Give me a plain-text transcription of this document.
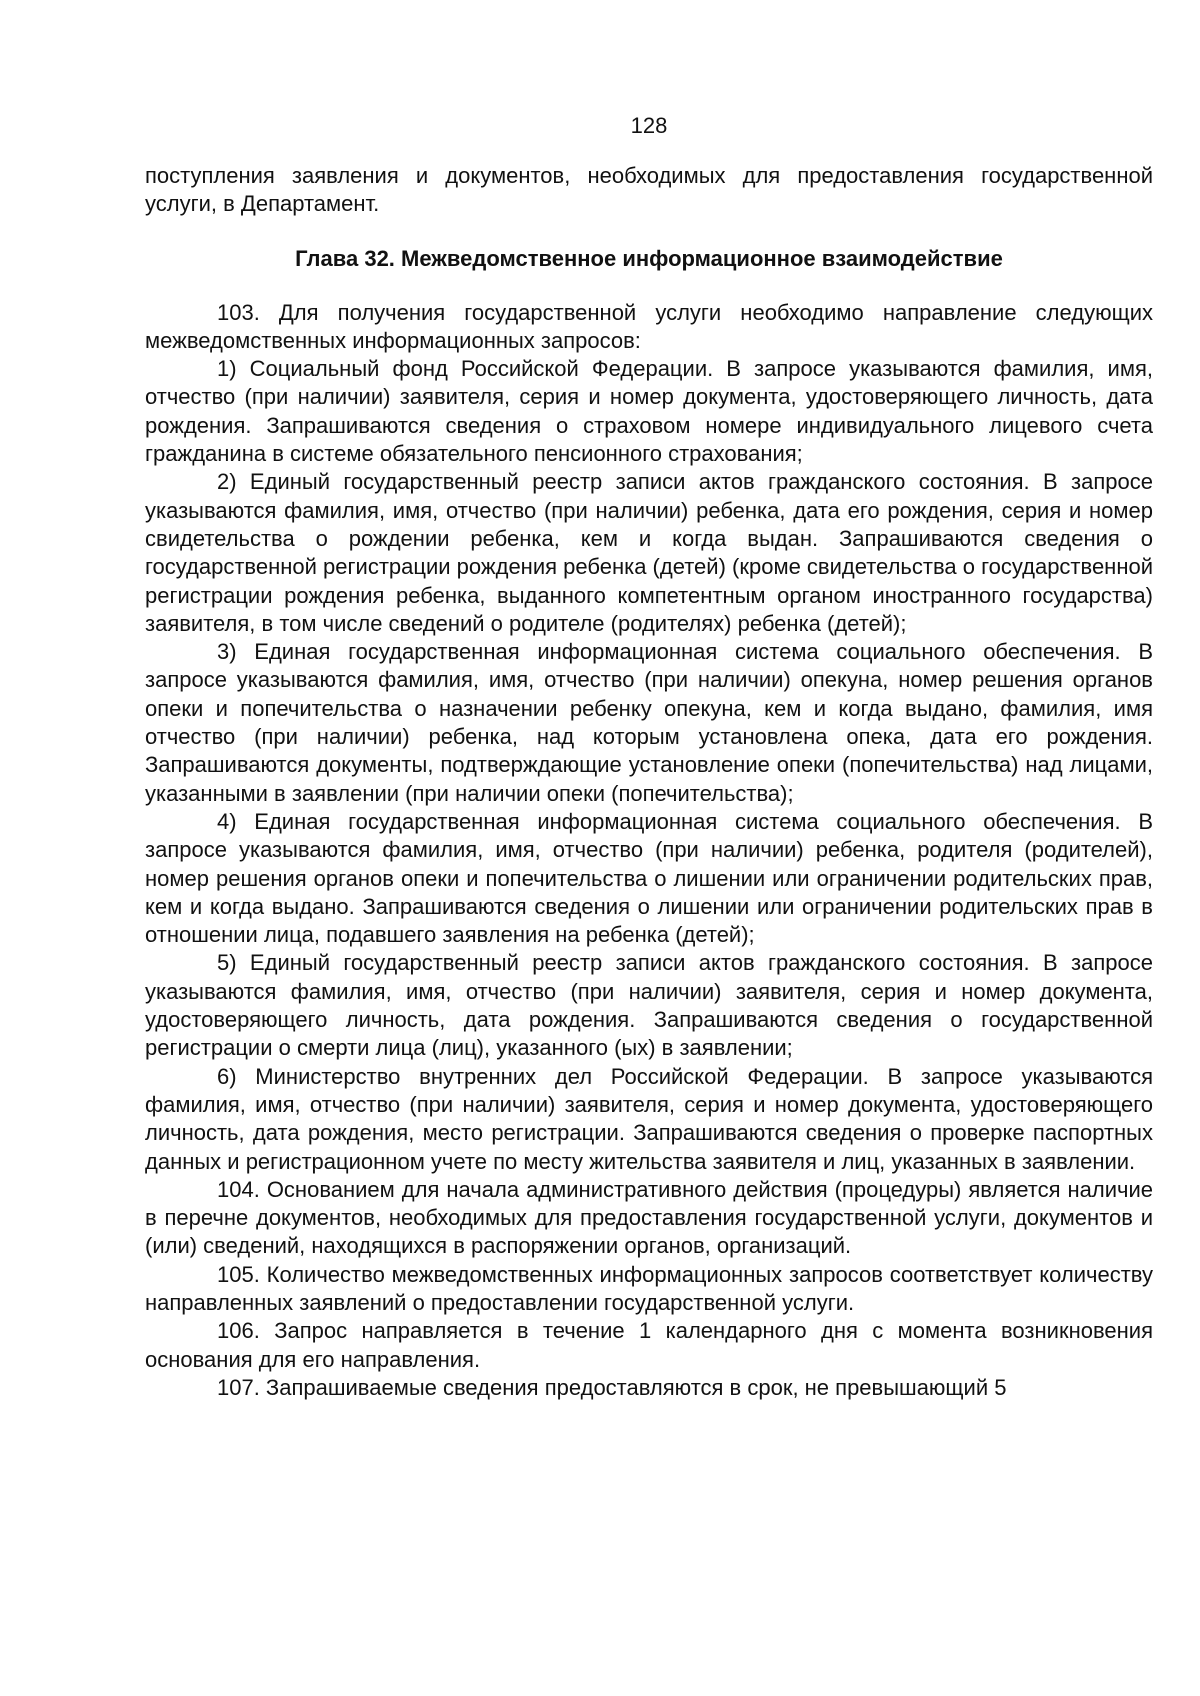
128

поступления заявления и документов, необходимых для предоставления государственной услуги, в Департамент.

Глава 32. Межведомственное информационное взаимодействие

103. Для получения государственной услуги необходимо направление следующих межведомственных информационных запросов:

1) Социальный фонд Российской Федерации. В запросе указываются фамилия, имя, отчество (при наличии) заявителя, серия и номер документа, удостоверяющего личность, дата рождения. Запрашиваются сведения о страховом номере индивидуального лицевого счета гражданина в системе обязательного пенсионного страхования;

2) Единый государственный реестр записи актов гражданского состояния. В запросе указываются фамилия, имя, отчество (при наличии) ребенка, дата его рождения, серия и номер свидетельства о рождении ребенка, кем и когда выдан. Запрашиваются сведения о государственной регистрации рождения ребенка (детей) (кроме свидетельства о государственной регистрации рождения ребенка, выданного компетентным органом иностранного государства) заявителя, в том числе сведений о родителе (родителях) ребенка (детей);

3) Единая государственная информационная система социального обеспечения. В запросе указываются фамилия, имя, отчество (при наличии) опекуна, номер решения органов опеки и попечительства о назначении ребенку опекуна, кем и когда выдано, фамилия, имя отчество (при наличии) ребенка, над которым установлена опека, дата его рождения. Запрашиваются документы, подтверждающие установление опеки (попечительства) над лицами, указанными в заявлении (при наличии опеки (попечительства);

4) Единая государственная информационная система социального обеспечения. В запросе указываются фамилия, имя, отчество (при наличии) ребенка, родителя (родителей), номер решения органов опеки и попечительства о лишении или ограничении родительских прав, кем и когда выдано. Запрашиваются сведения о лишении или ограничении родительских прав в отношении лица, подавшего заявления на ребенка (детей);

5) Единый государственный реестр записи актов гражданского состояния. В запросе указываются фамилия, имя, отчество (при наличии) заявителя, серия и номер документа, удостоверяющего личность, дата рождения. Запрашиваются сведения о государственной регистрации о смерти лица (лиц), указанного (ых) в заявлении;

6) Министерство внутренних дел Российской Федерации. В запросе указываются фамилия, имя, отчество (при наличии) заявителя, серия и номер документа, удостоверяющего личность, дата рождения, место регистрации. Запрашиваются сведения о проверке паспортных данных и регистрационном учете по месту жительства заявителя и лиц, указанных в заявлении.

104. Основанием для начала административного действия (процедуры) является наличие в перечне документов, необходимых для предоставления государственной услуги, документов и (или) сведений, находящихся в распоряжении органов, организаций.

105. Количество межведомственных информационных запросов соответствует количеству направленных заявлений о предоставлении государственной услуги.

106. Запрос направляется в течение 1 календарного дня с момента возникновения основания для его направления.

107. Запрашиваемые сведения предоставляются в срок, не превышающий 5
